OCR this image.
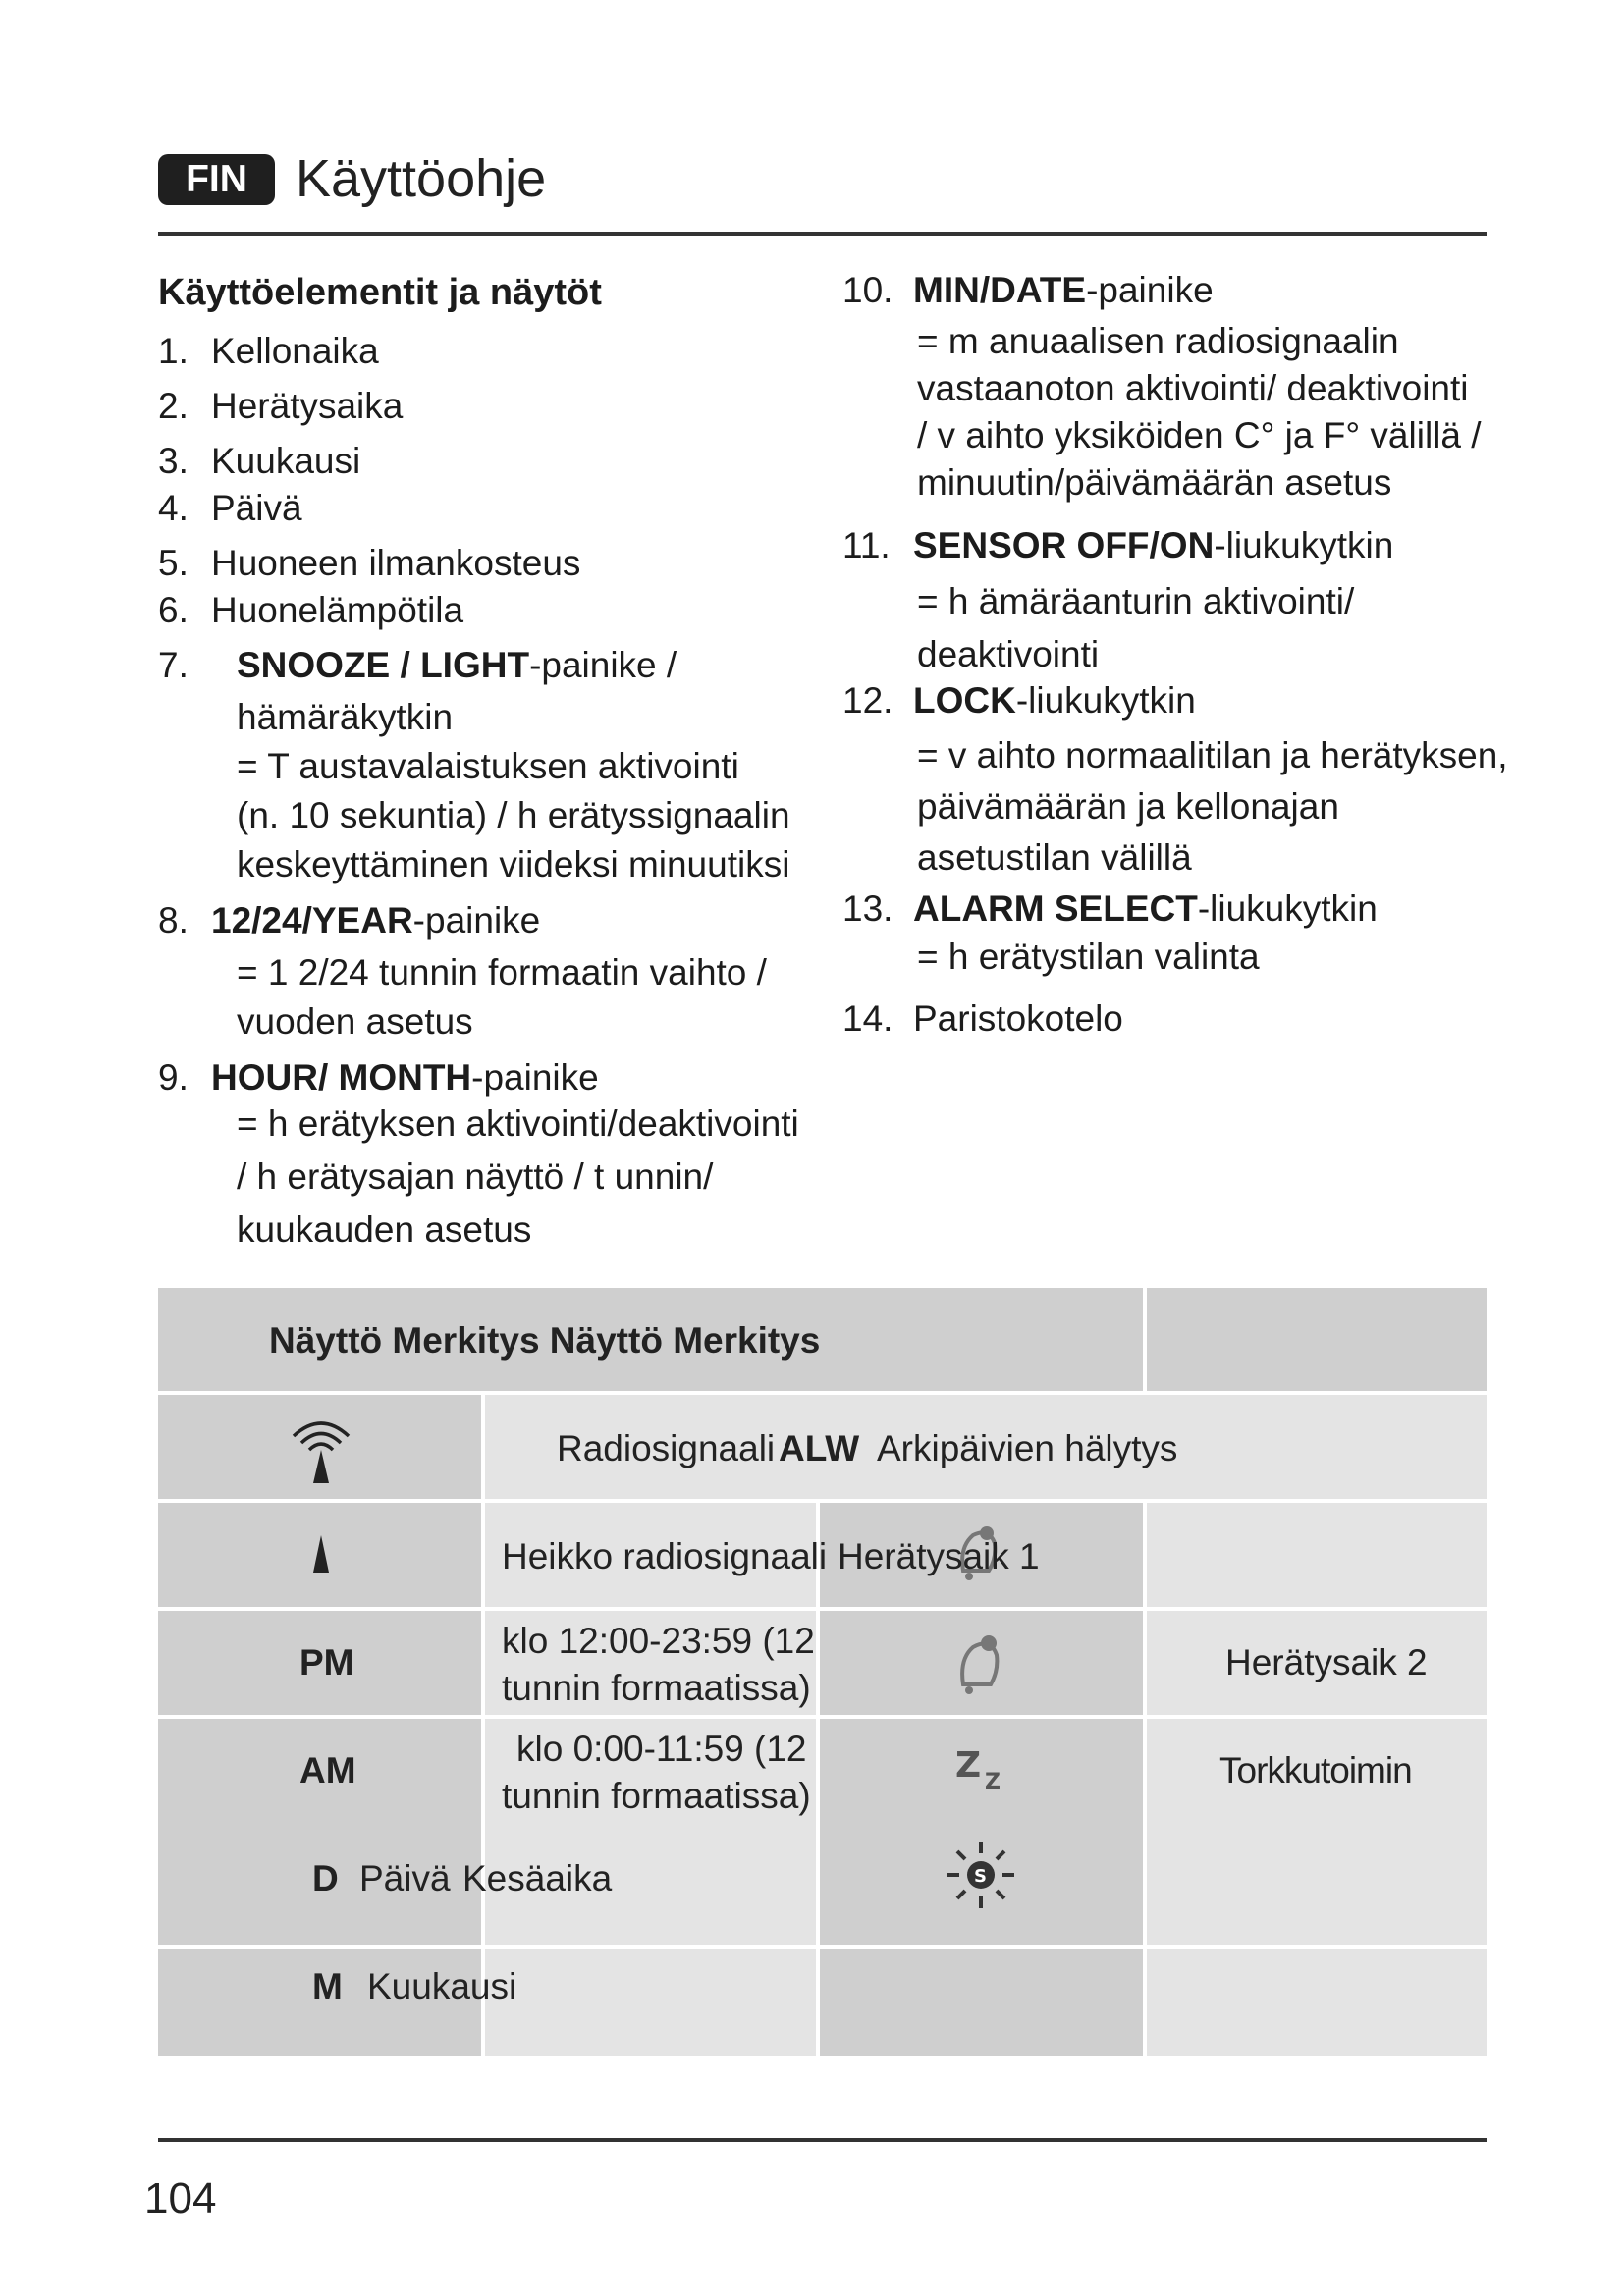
FIN Käyttöohje
Käyttöelementit ja näytöt
1. Kellonaika
2. Herätysaika
3. Kuukausi
4. Päivä
5. Huoneen ilmankosteus
6. Huonelämpötila
7. SNOOZE / LIGHT-painike /
hämäräkytkin
= T austavalaistuksen aktivointi
(n. 10 sekuntia) / h erätyssignaalin
keskeyttäminen viideksi minuutiksi
8. 12/24/YEAR-painike
= 1 2/24 tunnin formaatin vaihto /
vuoden asetus
9. HOUR/ MONTH-painike
= h erätyksen aktivointi/deaktivointi
/ h erätysajan näyttö / t unnin/
kuukauden asetus
10. MIN/DATE-painike
= m anuaalisen radiosignaalin
vastaanoton aktivointi/ deaktivointi
/ v aihto yksiköiden C° ja F° välillä /
minuutin/päivämäärän asetus
11. SENSOR OFF/ON-liukukytkin
= h ämäräanturin aktivointi/
deaktivointi
12. LOCK-liukukytkin
= v aihto normaalitilan ja herätyksen,
päivämäärän ja kellonajan
asetustilan välillä
13. ALARM SELECT-liukukytkin
= h erätystilan valinta
14. Paristokotelo
Näyttö Merkitys Näyttö Merkitys
Radiosignaali ALW Arkipäivien hälytys
Heikko radiosignaali Herätysaik 1
PM
klo 12:00-23:59 (12
tunnin formaatissa)
Herätysaik 2
AM
klo 0:00-11:59 (12
tunnin formaatissa)
Z Z	Torkkutoimin
D Päivä Kesäaika	S
M Kuukausi
104
